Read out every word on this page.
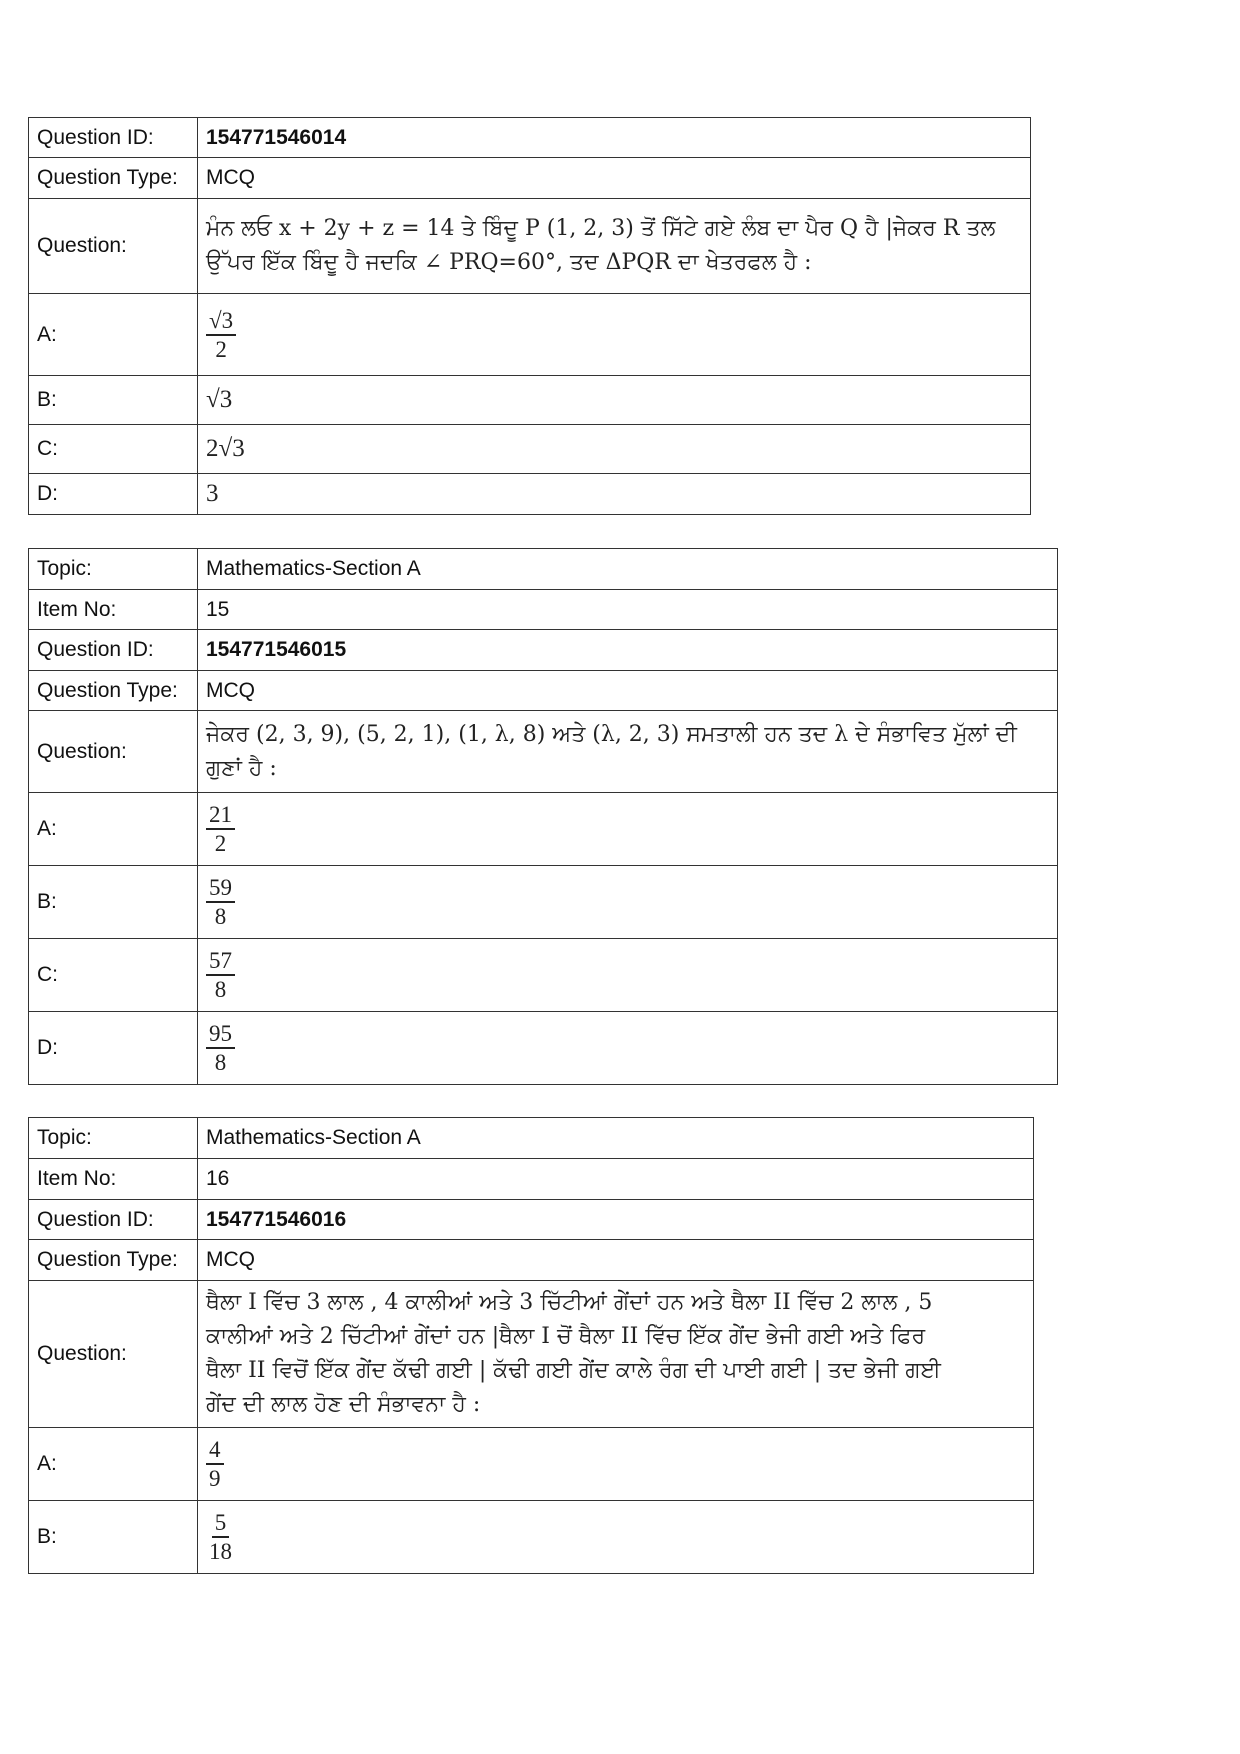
Question ID:	154771546014
Question Type:	MCQ
Question:	ਮੰਨ ਲਓ x + 2y + z = 14 ਤੇ ਬਿੰਦੂ P (1, 2, 3) ਤੋਂ ਸਿੱਟੇ ਗਏ ਲੰਬ ਦਾ ਪੈਰ Q ਹੈ |ਜੇਕਰ R ਤਲ
ਉੱਪਰ ਇੱਕ ਬਿੰਦੂ ਹੈ ਜਦਕਿ ∠ PRQ=60°, ਤਦ ΔPQR ਦਾ ਖੇਤਰਫਲ ਹੈ :

A:	$\frac{√3}{2}$

B:	√3
C:	2√3
D:	3
Topic:	Mathematics-Section A
Item No:	15
Question ID:	154771546015
Question Type:	MCQ
Question:	ਜੇਕਰ (2, 3, 9), (5, 2, 1), (1, λ, 8) ਅਤੇ (λ, 2, 3) ਸਮਤਾਲੀ ਹਨ ਤਦ λ ਦੇ ਸੰਭਾਵਿਤ ਮੁੱਲਾਂ ਦੀ
ਗੁਣਾਂ ਹੈ :

A:	$\frac{21}{2}$

B:	$\frac{59}{8}$

C:	$\frac{57}{8}$

D:	$\frac{95}{8}$
Topic:	Mathematics-Section A
Item No:	16
Question ID:	154771546016
Question Type:	MCQ
Question:	ਥੈਲਾ I ਵਿੱਚ 3 ਲਾਲ , 4 ਕਾਲੀਆਂ ਅਤੇ 3 ਚਿੱਟੀਆਂ ਗੇਂਦਾਂ ਹਨ ਅਤੇ ਥੈਲਾ II ਵਿੱਚ 2 ਲਾਲ , 5
ਕਾਲੀਆਂ ਅਤੇ 2 ਚਿੱਟੀਆਂ ਗੇਂਦਾਂ ਹਨ |ਥੈਲਾ I ਚੋਂ ਥੈਲਾ II ਵਿੱਚ ਇੱਕ ਗੇਂਦ ਭੇਜੀ ਗਈ ਅਤੇ ਫਿਰ
ਥੈਲਾ II ਵਿਚੋਂ ਇੱਕ ਗੇਂਦ ਕੱਢੀ ਗਈ | ਕੱਢੀ ਗਈ ਗੇਂਦ ਕਾਲੇ ਰੰਗ ਦੀ ਪਾਈ ਗਈ | ਤਦ ਭੇਜੀ ਗਈ
ਗੇਂਦ ਦੀ ਲਾਲ ਹੋਣ ਦੀ ਸੰਭਾਵਨਾ ਹੈ :

A:	$\frac{4}{9}$

B:	$\frac{5}{18}$
